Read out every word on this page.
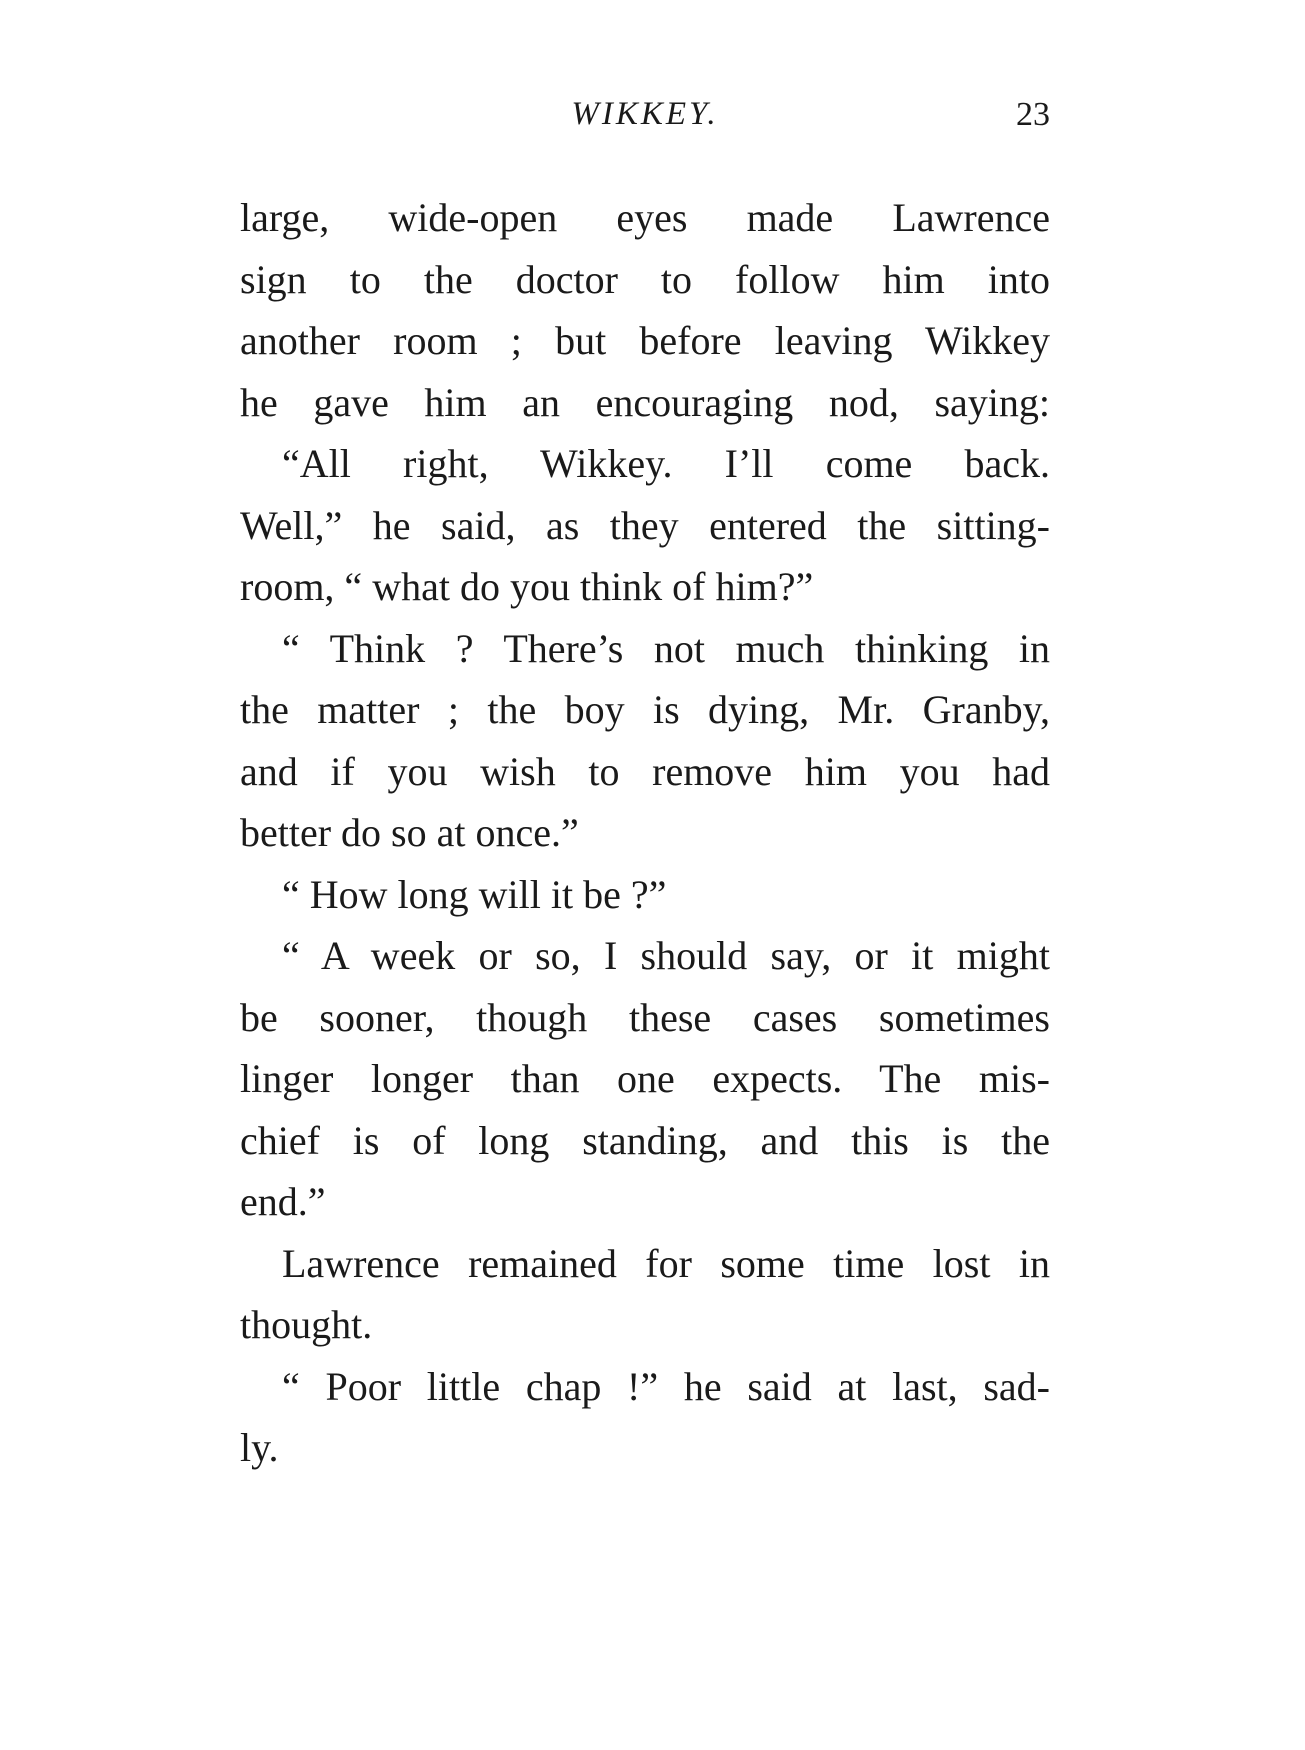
WIKKEY.	23
large, wide-open eyes made Lawrence
sign to the doctor to follow him into
another room ; but before leaving Wikkey
he gave him an encouraging nod, saying:
“All right, Wikkey. I’ll come back.
Well,” he said, as they entered the sitting-
room, “ what do you think of him?”
“ Think ? There’s not much thinking in
the matter ; the boy is dying, Mr. Granby,
and if you wish to remove him you had
better do so at once.”
“ How long will it be ?”
“ A week or so, I should say, or it might
be sooner, though these cases sometimes
linger longer than one expects. The mis-
chief is of long standing, and this is the
end.”
Lawrence remained for some time lost in
thought.
“ Poor little chap !” he said at last, sad-
ly.
